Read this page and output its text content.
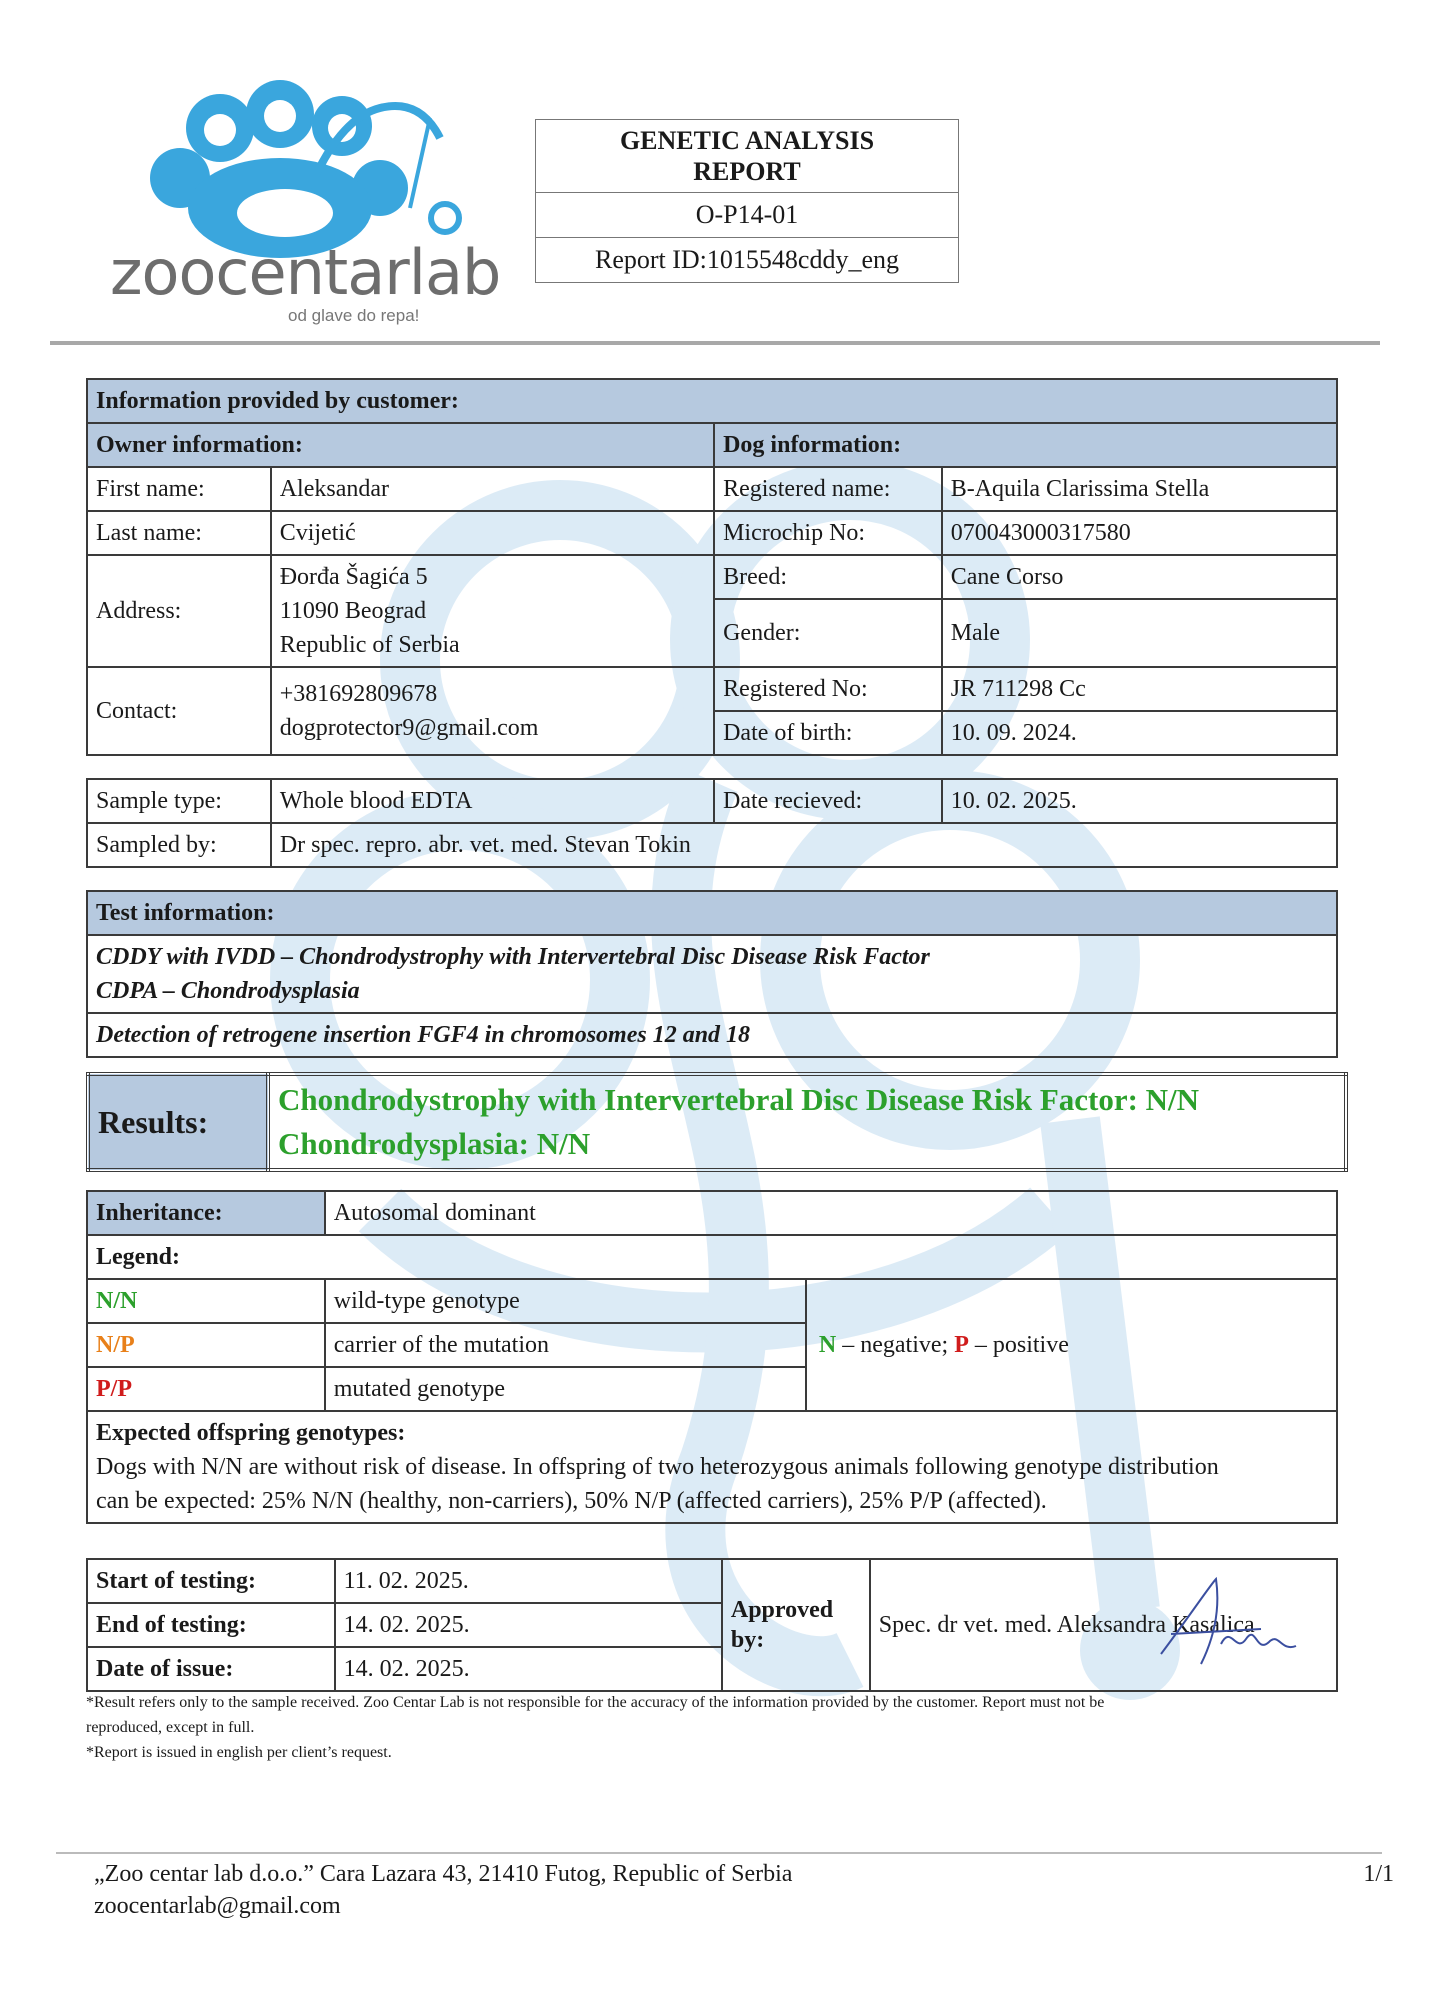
zoocentarlab
od glave do repa!
GENETIC ANALYSIS REPORT
O-P14-01
Report ID:1015548cddy_eng
Information provided by customer:			
Owner information:		Dog information:	
First name:	Aleksandar	Registered name:	B-Aquila Clarissima Stella
Last name:	Cvijetić	Microchip No:	070043000317580
Address:	Đorđa Šagića 5
11090 Beograd
Republic of Serbia	Breed:	Cane Corso
		Gender:	Male
Contact:	+381692809678
dogprotector9@gmail.com	Registered No:	JR 711298 Cc
		Date of birth:	10. 09. 2024.
Sample type:	Whole blood EDTA	Date recieved:	10. 02. 2025.
Sampled by:	Dr spec. repro. abr. vet. med. Stevan Tokin		
Test information:

CDDY with IVDD – Chondrodystrophy with Intervertebral Disc Disease Risk Factor
CDPA – Chondrodysplasia

Detection of retrogene insertion FGF4 in chromosomes 12 and 18
Results:	
Chondrodystrophy with Intervertebral Disc Disease Risk Factor: N/N
Chondrodysplasia: N/N
Inheritance:	Autosomal dominant	
Legend:		
N/N	wild-type genotype	N – negative; P – positive
N/P	carrier of the mutation	
P/P	mutated genotype	

Expected offspring genotypes:
Dogs with N/N are without risk of disease. In offspring of two heterozygous animals following genotype distribution
can be expected: 25% N/N (healthy, non-carriers), 50% N/P (affected carriers), 25% P/P (affected).		
Start of testing:	11. 02. 2025.	Approved by:	Spec. dr vet. med. Aleksandra Kasalica

End of testing:	14. 02. 2025.		
Date of issue:	14. 02. 2025.		
*Result refers only to the sample received. Zoo Centar Lab is not responsible for the accuracy of the information provided by the customer. Report must not be
reproduced, except in full.
*Report is issued in english per client’s request.
„Zoo centar lab d.o.o.” Cara Lazara 43, 21410 Futog, Republic of Serbia
zoocentarlab@gmail.com
1/1
